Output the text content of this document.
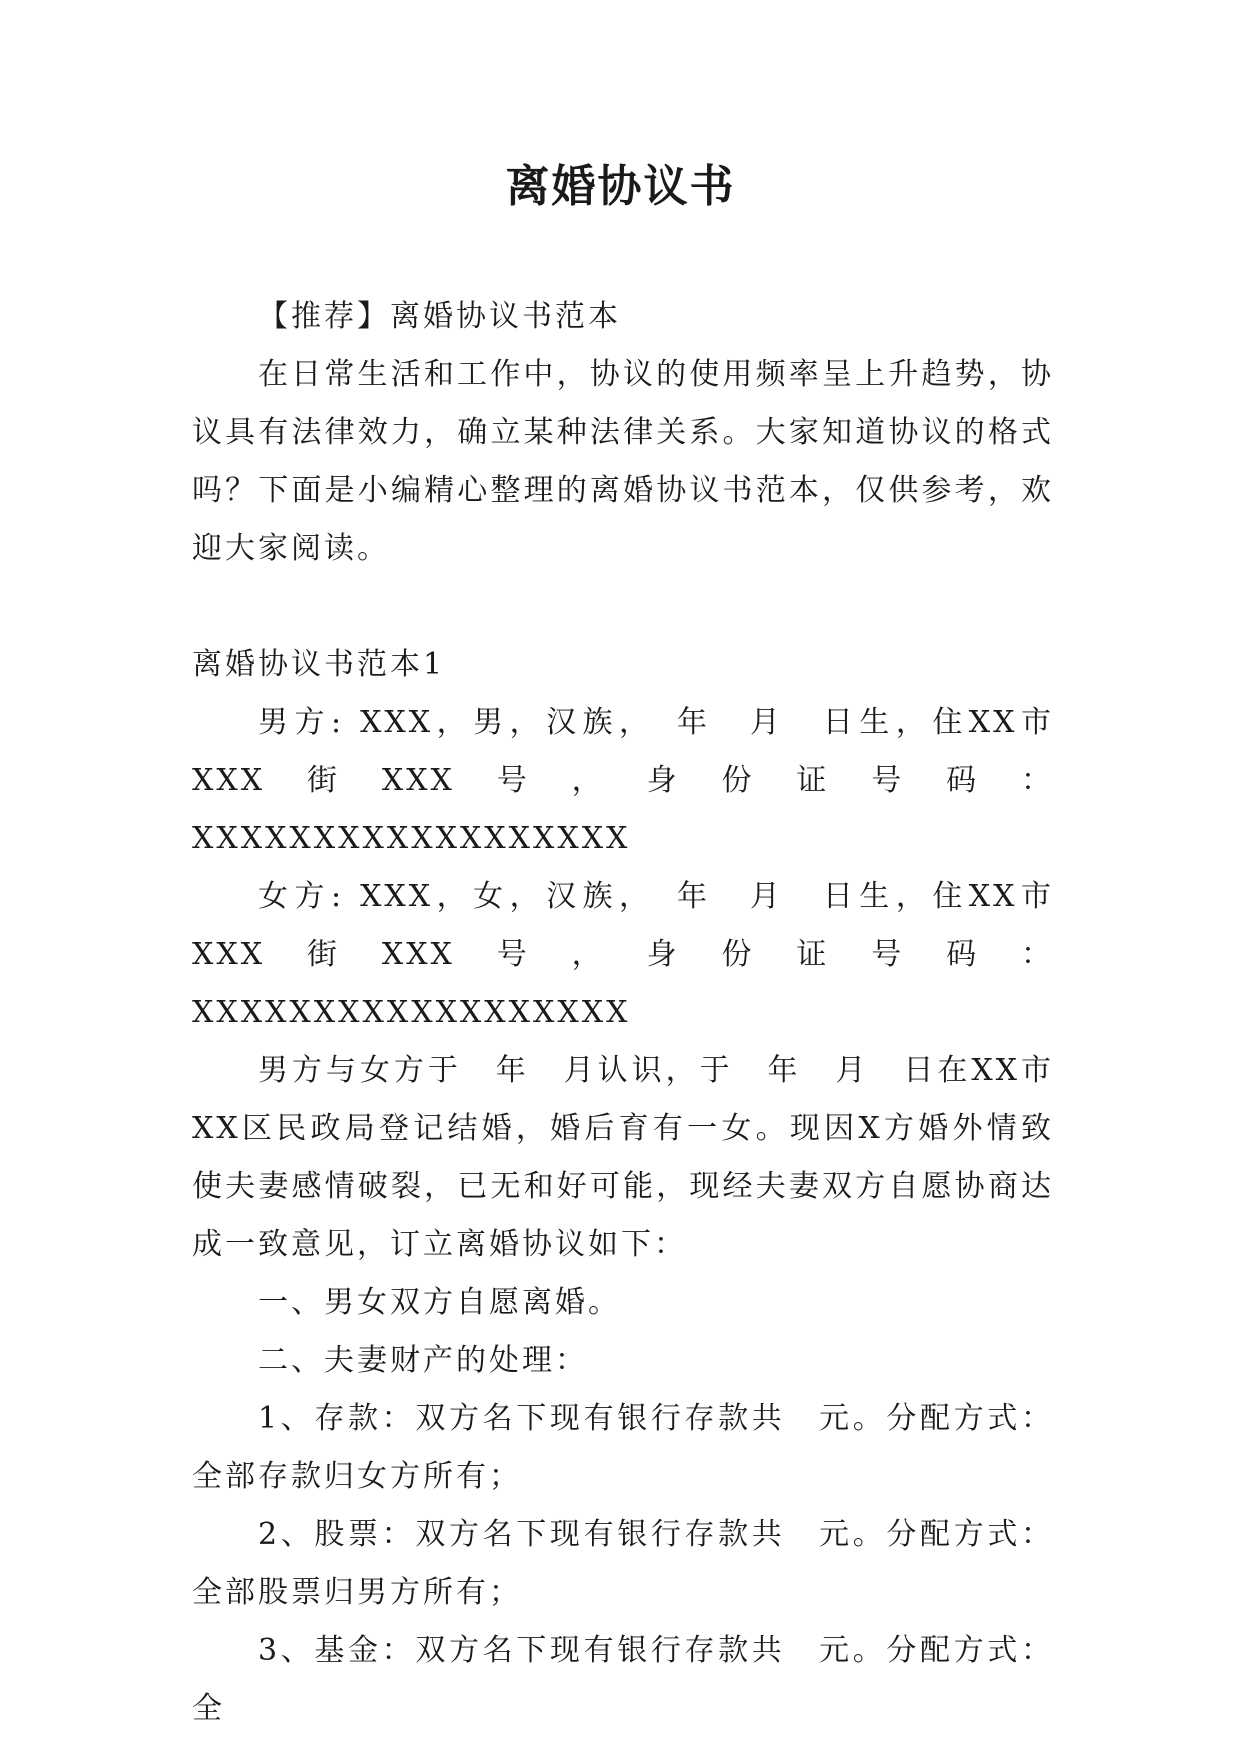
离婚协议书

【推荐】离婚协议书范本

在日常生活和工作中，协议的使用频率呈上升趋势，协议具有法律效力，确立某种法律关系。大家知道协议的格式吗？下面是小编精心整理的离婚协议书范本，仅供参考，欢迎大家阅读。

离婚协议书范本1

男方: XXX，男，汉族，　年　月　日生，住XX市XXX街XXX号，身份证号码：XXXXXXXXXXXXXXXXXX

女方: XXX，女，汉族，　年　月　日生，住XX市XXX街XXX号，身份证号码：XXXXXXXXXXXXXXXXXX

男方与女方于　年　月认识，于　年　月　日在XX市XX区民政局登记结婚，婚后育有一女。现因X方婚外情致使夫妻感情破裂，已无和好可能，现经夫妻双方自愿协商达成一致意见，订立离婚协议如下：

一、男女双方自愿离婚。

二、夫妻财产的处理：

1、存款：双方名下现有银行存款共　元。分配方式：全部存款归女方所有；

2、股票：双方名下现有银行存款共　元。分配方式：全部股票归男方所有；

3、基金：双方名下现有银行存款共　元。分配方式：全
